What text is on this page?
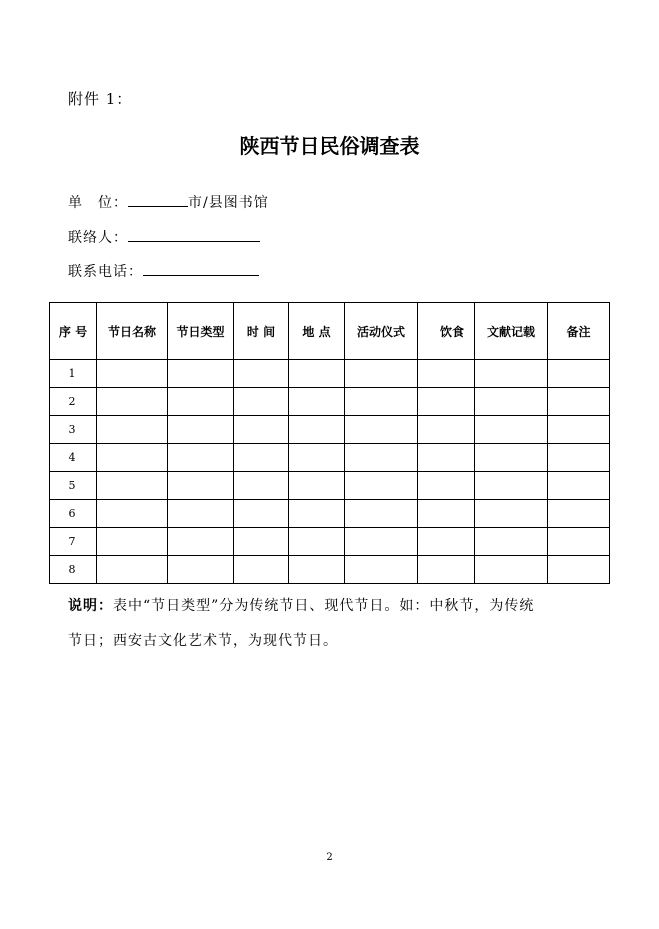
附件 1：
陕西节日民俗调查表
单　位：	市/县图书馆
联络人：
联系电话：
序 号	节日名称	节日类型	时 间	地 点	活动仪式	饮食	文献记载	备注
1								
2								
3								
4								
5								
6								
7								
8								
说明：表中“节日类型”分为传统节日、现代节日。如：中秋节，为传统
节日；西安古文化艺术节，为现代节日。
2
